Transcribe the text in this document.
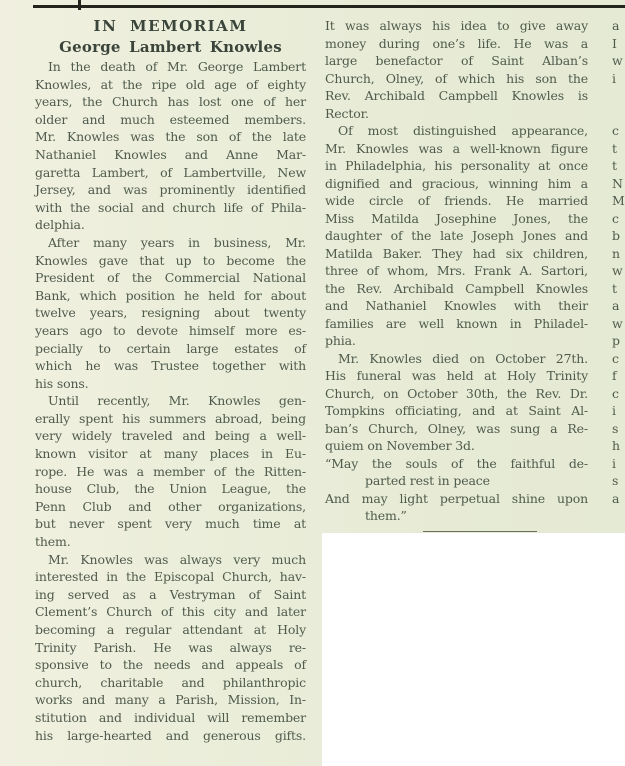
IN MEMORIAM
George Lambert Knowles
In the death of Mr. George Lambert
Knowles, at the ripe old age of eighty
years, the Church has lost one of her
older and much esteemed members.
Mr. Knowles was the son of the late
Nathaniel Knowles and Anne Mar-
garetta Lambert, of Lambertville, New
Jersey, and was prominently identified
with the social and church life of Phila-
delphia.
After many years in business, Mr.
Knowles gave that up to become the
President of the Commercial National
Bank, which position he held for about
twelve years, resigning about twenty
years ago to devote himself more es-
pecially to certain large estates of
which he was Trustee together with
his sons.
Until recently, Mr. Knowles gen-
erally spent his summers abroad, being
very widely traveled and being a well-
known visitor at many places in Eu-
rope. He was a member of the Ritten-
house Club, the Union League, the
Penn Club and other organizations,
but never spent very much time at
them.
Mr. Knowles was always very much
interested in the Episcopal Church, hav-
ing served as a Vestryman of Saint
Clement’s Church of this city and later
becoming a regular attendant at Holy
Trinity Parish. He was always re-
sponsive to the needs and appeals of
church, charitable and philanthropic
works and many a Parish, Mission, In-
stitution and individual will remember
his large-hearted and generous gifts.
It was always his idea to give away
money during one’s life. He was a
large benefactor of Saint Alban’s
Church, Olney, of which his son the
Rev. Archibald Campbell Knowles is
Rector.
Of most distinguished appearance,
Mr. Knowles was a well-known figure
in Philadelphia, his personality at once
dignified and gracious, winning him a
wide circle of friends. He married
Miss Matilda Josephine Jones, the
daughter of the late Joseph Jones and
Matilda Baker. They had six children,
three of whom, Mrs. Frank A. Sartori,
the Rev. Archibald Campbell Knowles
and Nathaniel Knowles with their
families are well known in Philadel-
phia.
Mr. Knowles died on October 27th.
His funeral was held at Holy Trinity
Church, on October 30th, the Rev. Dr.
Tompkins officiating, and at Saint Al-
ban’s Church, Olney, was sung a Re-
quiem on November 3d.
“May the souls of the faithful de-
parted rest in peace
And may light perpetual shine upon
them.”
a
I
w
i

c
t
t
N
M
c
b
n
w
t
a
w
p
c
f
c
i
s
h
i
s
a
